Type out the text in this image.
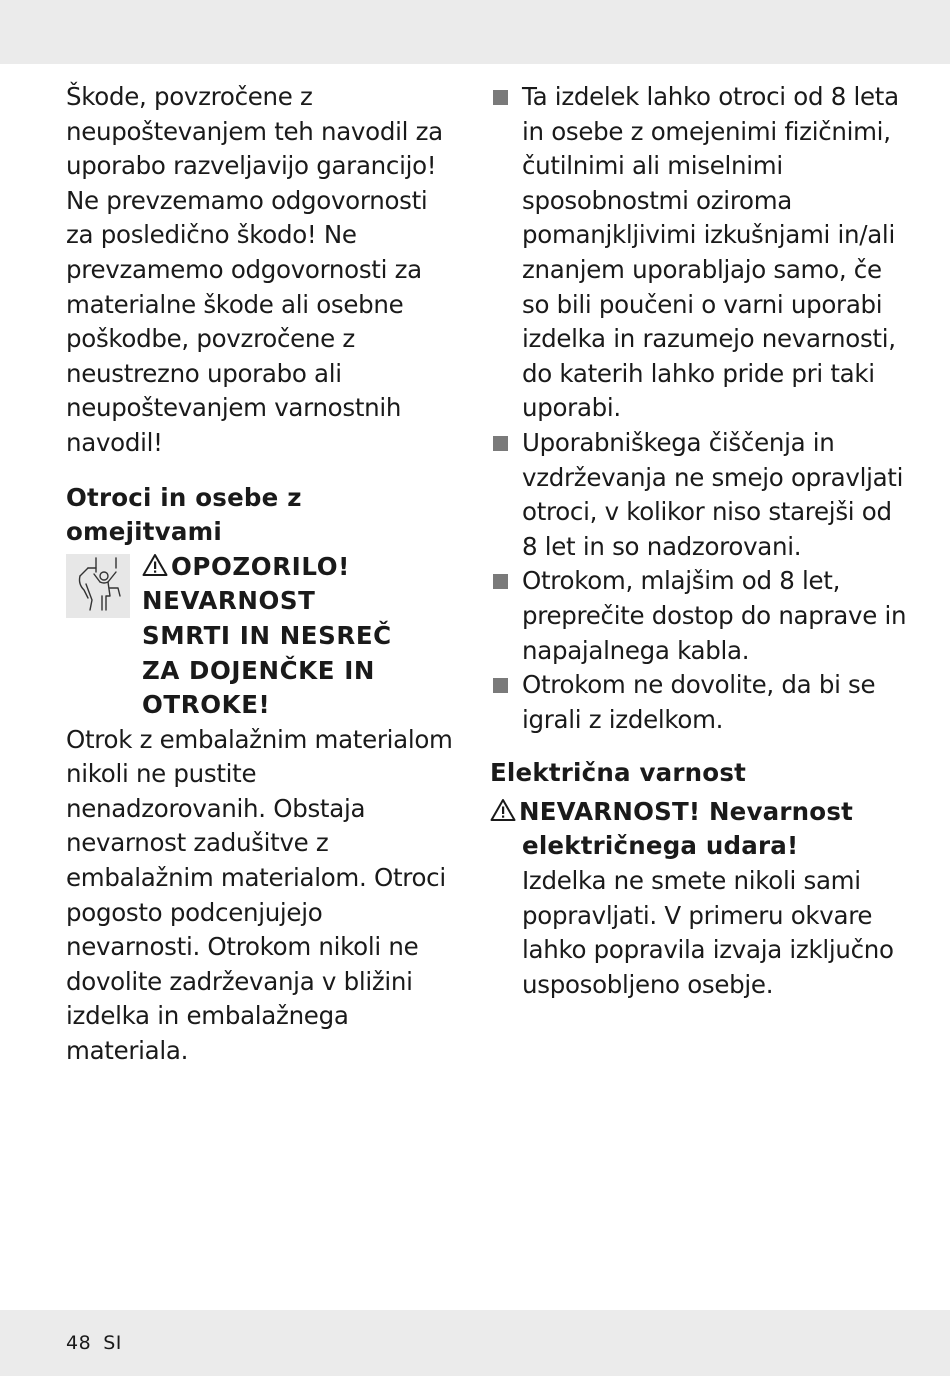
Škode, povzročene z neupoštevanjem teh navodil za uporabo razveljavijo garancijo! Ne prevzemamo odgovornosti za posledično škodo! Ne prevzamemo odgovornosti za materialne škode ali osebne poškodbe, povzročene z neustrezno uporabo ali neupoštevanjem varnostnih navodil!

Otroci in osebe z omejitvami
OPOZORILO!
NEVARNOST
SMRTI IN NESREČ
ZA DOJENČKE IN
OTROKE!

Otrok z embalažnim materialom nikoli ne pustite nenadzorovanih. Obstaja nevarnost zadušitve z embalažnim materialom. Otroci pogosto podcenjujejo nevarnosti. Otrokom nikoli ne dovolite zadrževanja v bližini izdelka in embalažnega materiala.

Ta izdelek lahko otroci od 8 leta in osebe z omejenimi fizičnimi, čutilnimi ali miselnimi sposobnostmi oziroma pomanjkljivimi izkušnjami in/ali znanjem uporabljajo samo, če so bili poučeni o varni uporabi izdelka in razumejo nevarnosti, do katerih lahko pride pri taki uporabi.
Uporabniškega čiščenja in vzdrževanja ne smejo opravljati otroci, v kolikor niso starejši od 8 let in so nadzorovani.
Otrokom, mlajšim od 8 let, preprečite dostop do naprave in napajalnega kabla.
Otrokom ne dovolite, da bi se igrali z izdelkom.
Električna varnost
NEVARNOST! Nevarnost
električnega udara!

Izdelka ne smete nikoli sami popravljati. V primeru okvare lahko popravila izvaja izključno usposobljeno osebje.

48 SI
